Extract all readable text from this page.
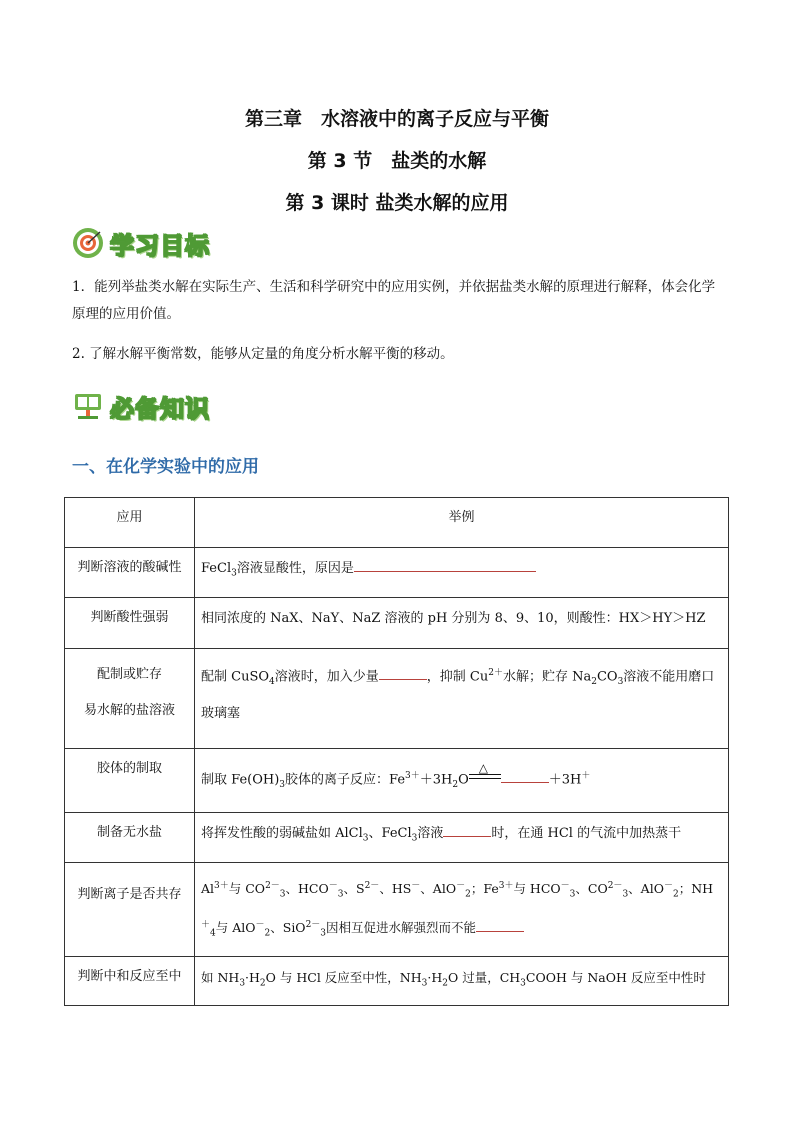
第三章　水溶液中的离子反应与平衡
第 3 节　盐类的水解
第 3 课时 盐类水解的应用
学习目标
1．能列举盐类水解在实际生产、生活和科学研究中的应用实例，并依据盐类水解的原理进行解释，体会化学原理的应用价值。
2. 了解水解平衡常数，能够从定量的角度分析水解平衡的移动。
必备知识
一、在化学实验中的应用
应用	举例
判断溶液的酸碱性	FeCl$_3$溶液显酸性，原因是
判断酸性强弱	相同浓度的 NaX、NaY、NaZ 溶液的 pH 分别为 8、9、10，则酸性：HX＞HY＞HZ

配制或贮存
易水解的盐溶液	配制 CuSO$_4$溶液时，加入少量 ，抑制 $Cu^{2+}$水解；贮存 $Na_2CO_3$溶液不能用磨口玻璃塞
胶体的制取	制取 $Fe(OH)_3$胶体的离子反应：$Fe^{3+}+3H_2O$
△
＋3H＋
制备无水盐	将挥发性酸的弱碱盐如 AlCl$_3$、FeCl$_3$溶液 时，在通 HCl 的气流中加热蒸干
判断离子是否共存	$Al^{3+}$与 $CO^{2-}_3$、$HCO^-_3$、$S^{2-}$、HS－、AlO－$_2$；$Fe^{3+}$与 $HCO^-_3$、$CO^{2-}_3$、AlO－$_2$；$NH^+_4$与 AlO－$_2$、SiO$^{2-}_3$因相互促进水解强烈而不能
判断中和反应至中	如 $NH_3\cdot H_2O$ 与 HCl 反应至中性，$NH_3\cdot H_2O$ 过量，$CH_3COOH$ 与 NaOH 反应至中性时
